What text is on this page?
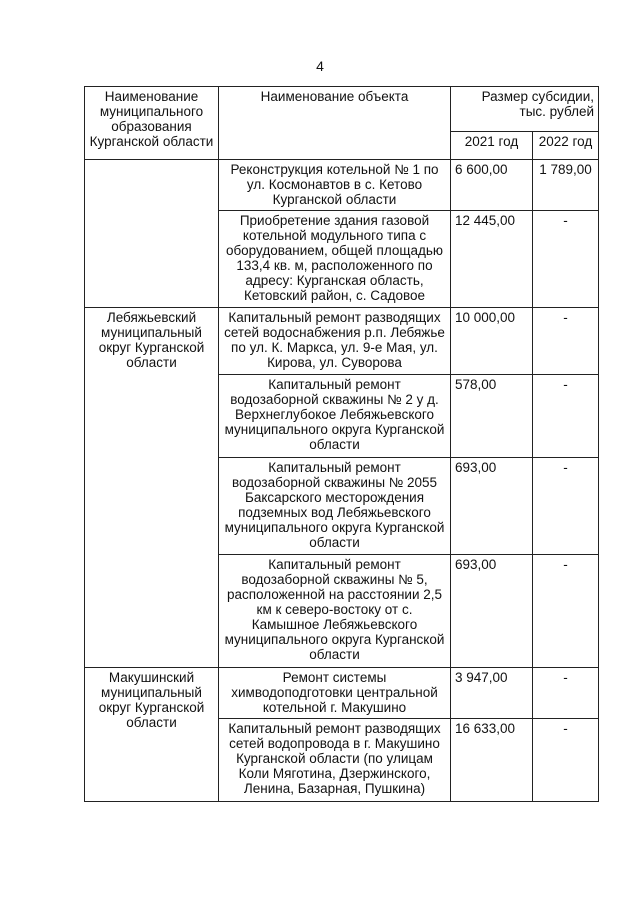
4
Наименование муниципального образования Курганской области	Наименование объекта	Размер субсидии, тыс. рублей	
		2021 год	2022 год
	Реконструкция котельной № 1 по ул. Космонавтов в с. Кетово Курганской области	6 600,00	1 789,00
	Приобретение здания газовой котельной модульного типа с оборудованием, общей площадью 133,4 кв. м, расположенного по адресу: Курганская область, Кетовский район, с. Садовое	12 445,00	-
Лебяжьевский муниципальный округ Курганской области	Капитальный ремонт разводящих сетей водоснабжения р.п. Лебяжье по ул. К. Маркса, ул. 9-е Мая, ул. Кирова, ул. Суворова	10 000,00	-
	Капитальный ремонт водозаборной скважины № 2 у д. Верхнеглубокое Лебяжьевского муниципального округа Курганской области	578,00	-
	Капитальный ремонт водозаборной скважины № 2055 Баксарского месторождения подземных вод Лебяжьевского муниципального округа Курганской области	693,00	-
	Капитальный ремонт водозаборной скважины № 5, расположенной на расстоянии 2,5 км к северо-востоку от с. Камышное Лебяжьевского муниципального округа Курганской области	693,00	-
Макушинский муниципальный округ Курганской области	Ремонт системы химводоподготовки центральной котельной г. Макушино	3 947,00	-
	Капитальный ремонт разводящих сетей водопровода в г. Макушино Курганской области (по улицам Коли Мяготина, Дзержинского, Ленина, Базарная, Пушкина)	16 633,00	-
